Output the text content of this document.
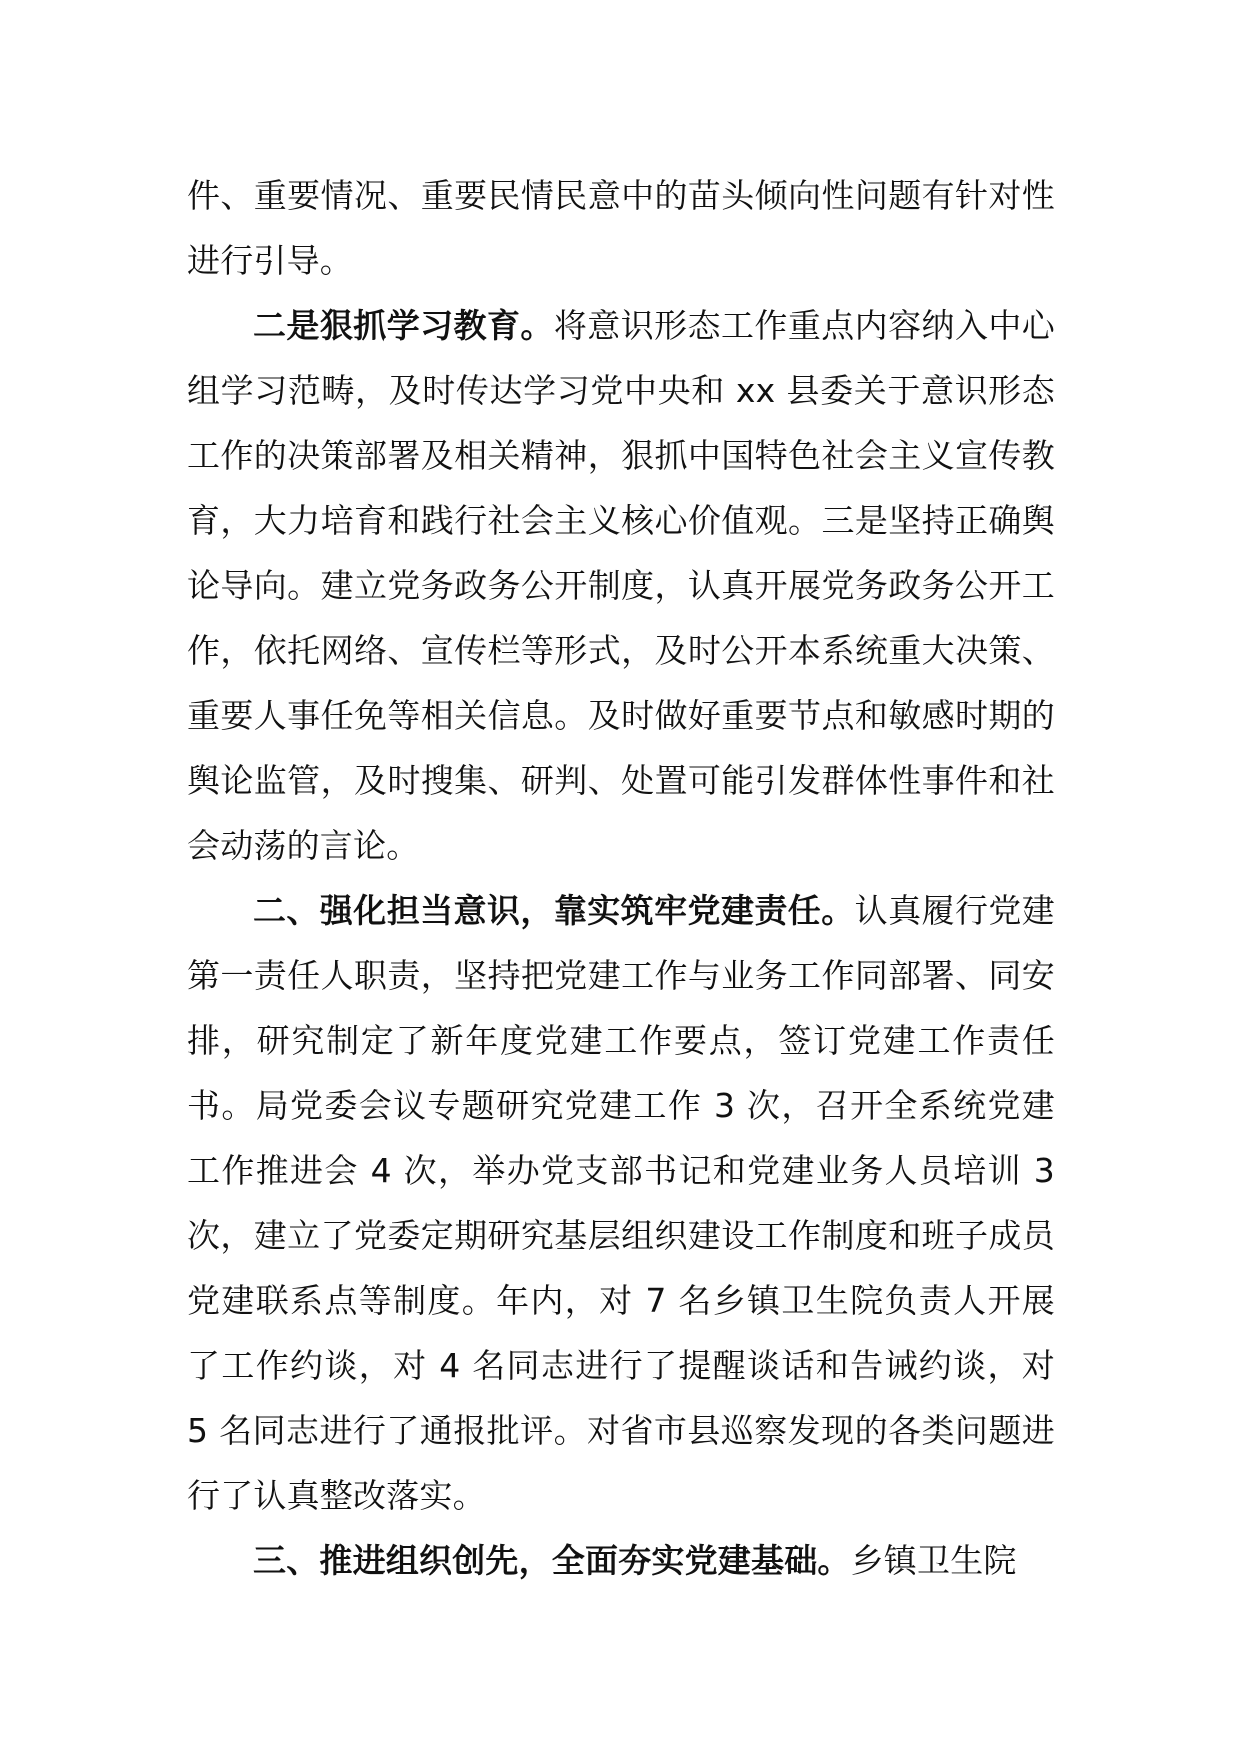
件、重要情况、重要民情民意中的苗头倾向性问题有针对性进行引导。

二是狠抓学习教育。将意识形态工作重点内容纳入中心组学习范畴，及时传达学习党中央和 xx 县委关于意识形态工作的决策部署及相关精神，狠抓中国特色社会主义宣传教育，大力培育和践行社会主义核心价值观。三是坚持正确舆论导向。建立党务政务公开制度，认真开展党务政务公开工作，依托网络、宣传栏等形式，及时公开本系统重大决策、重要人事任免等相关信息。及时做好重要节点和敏感时期的舆论监管，及时搜集、研判、处置可能引发群体性事件和社会动荡的言论。

二、强化担当意识，靠实筑牢党建责任。认真履行党建第一责任人职责，坚持把党建工作与业务工作同部署、同安排，研究制定了新年度党建工作要点，签订党建工作责任书。局党委会议专题研究党建工作 3 次，召开全系统党建工作推进会 4 次，举办党支部书记和党建业务人员培训 3 次，建立了党委定期研究基层组织建设工作制度和班子成员党建联系点等制度。年内，对 7 名乡镇卫生院负责人开展了工作约谈，对 4 名同志进行了提醒谈话和告诫约谈，对 5 名同志进行了通报批评。对省市县巡察发现的各类问题进行了认真整改落实。

三、推进组织创先，全面夯实党建基础。乡镇卫生院
